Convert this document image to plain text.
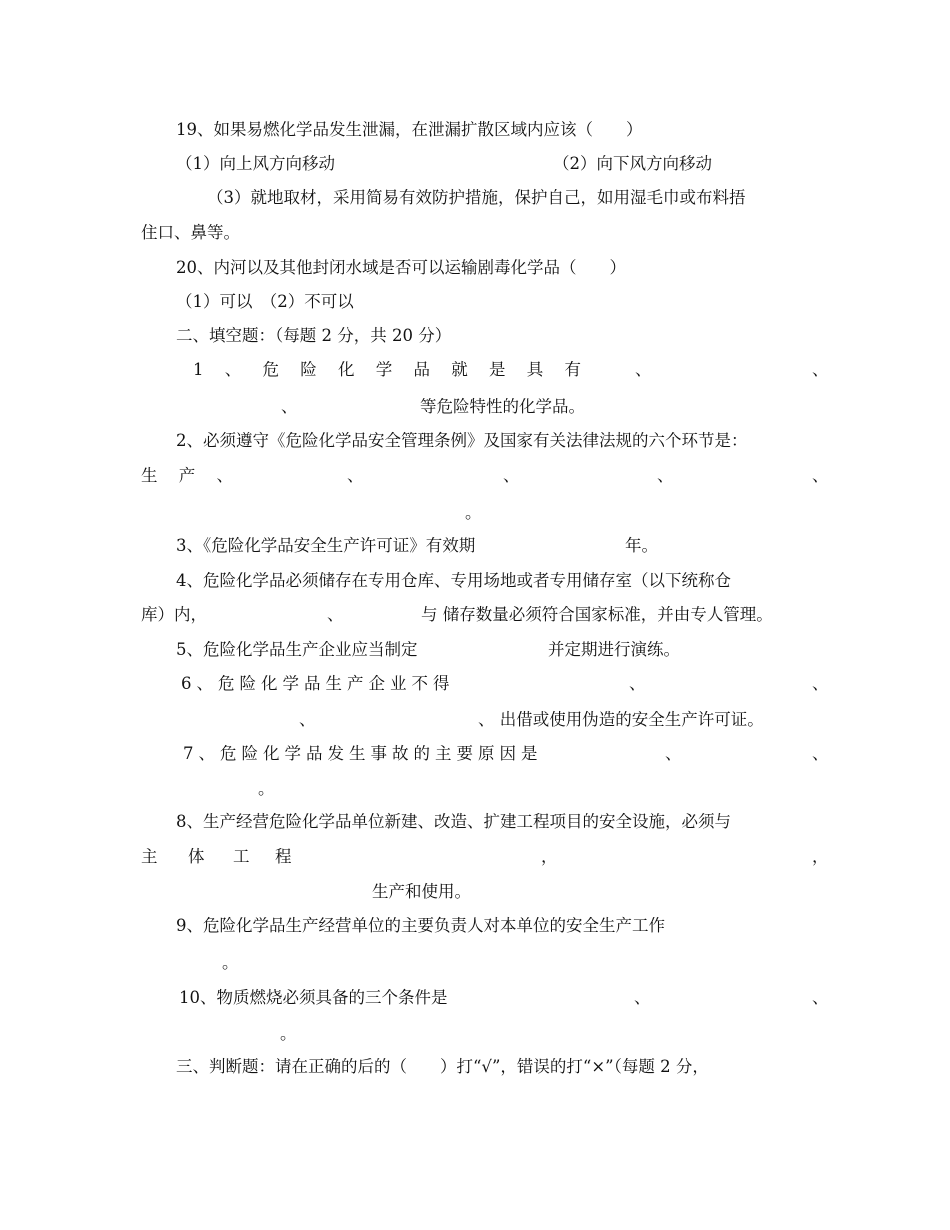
19、如果易燃化学品发生泄漏，在泄漏扩散区域内应该（　　）
（1）向上风方向移动	（2）向下风方向移动
（3）就地取材，采用简易有效防护措施，保护自己，如用湿毛巾或布料捂
住口、鼻等。
20、内河以及其他封闭水域是否可以运输剧毒化学品（　　）
（1）可以　（2）不可以
二、填空题：（每题 2 分，共 20 分）
1 、 危 险 化 学 品 就 是 具 有	、	、
、	等危险特性的化学品。
2、必须遵守《危险化学品安全管理条例》及国家有关法律法规的六个环节是：
生 产 、	、	、	、	、
。
3、《危险化学品安全生产许可证》有效期	年。
4、危险化学品必须储存在专用仓库、专用场地或者专用储存室（以下统称仓
库）内，	、	与 储存数量必须符合国家标准，并由专人管理。
5、危险化学品生产企业应当制定	并定期进行演练。
6、危险化学品生产企业不得	、	、
、	、 出借或使用伪造的安全生产许可证。
7、危险化学品发生事故的主要原因是	、	、
。
8、生产经营危险化学品单位新建、改造、扩建工程项目的安全设施，必须与
主 体 工 程	，	，
生产和使用。
9、危险化学品生产经营单位的主要负责人对本单位的安全生产工作
。
10、物质燃烧必须具备的三个条件是	、	、
。
三、判断题：请在正确的后的（　　）打“√”，错误的打“×”（每题 2 分，
